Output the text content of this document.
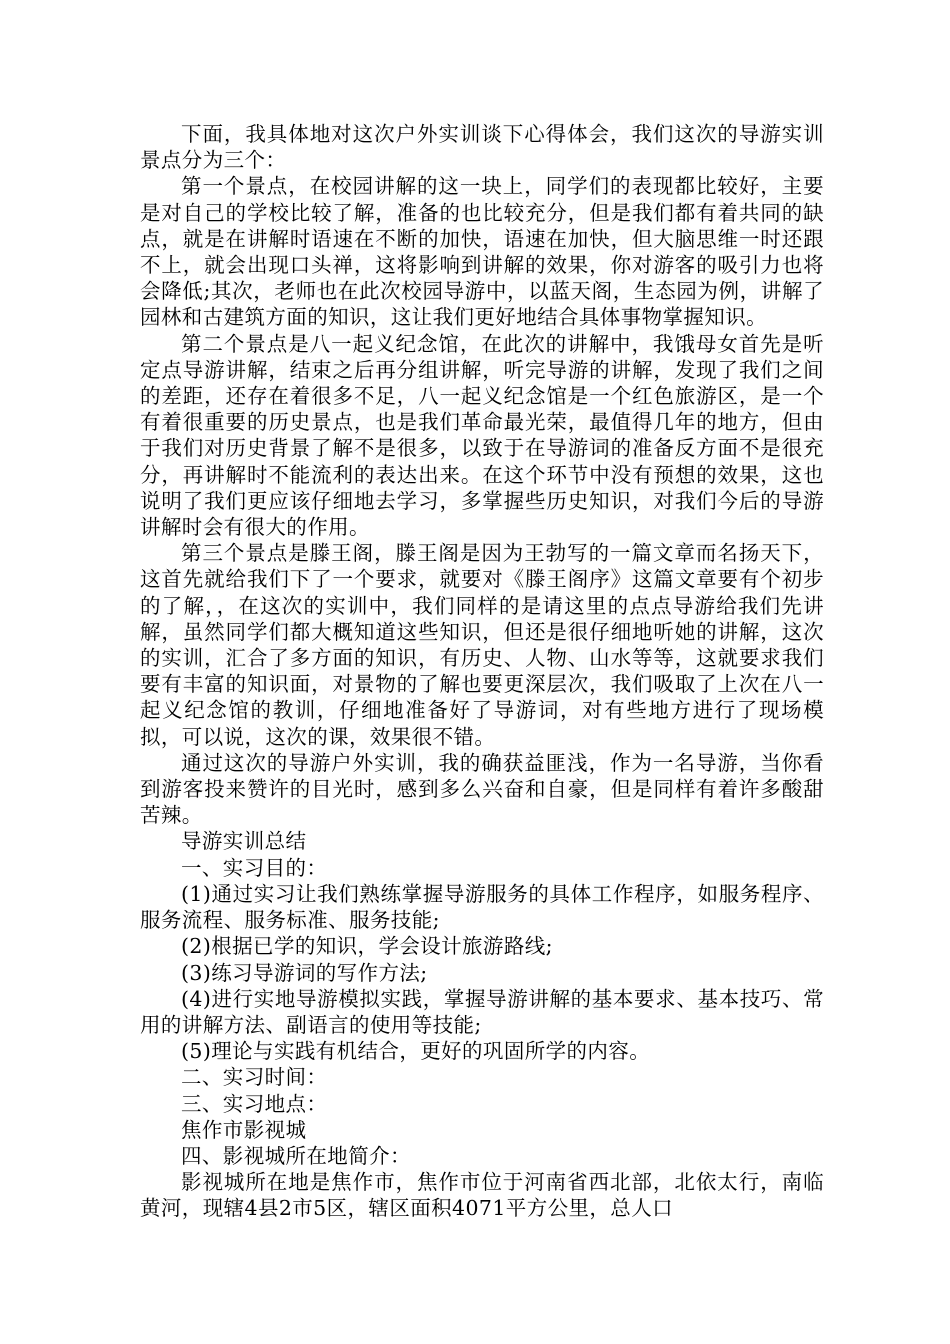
下面，我具体地对这次户外实训谈下心得体会，我们这次的导游实训景点分为三个：

第一个景点，在校园讲解的这一块上，同学们的表现都比较好，主要是对自己的学校比较了解，准备的也比较充分，但是我们都有着共同的缺点，就是在讲解时语速在不断的加快，语速在加快，但大脑思维一时还跟不上，就会出现口头禅，这将影响到讲解的效果，你对游客的吸引力也将会降低;其次，老师也在此次校园导游中，以蓝天阁，生态园为例，讲解了园林和古建筑方面的知识，这让我们更好地结合具体事物掌握知识。

第二个景点是八一起义纪念馆，在此次的讲解中，我饿母女首先是听定点导游讲解，结束之后再分组讲解，听完导游的讲解，发现了我们之间的差距，还存在着很多不足，八一起义纪念馆是一个红色旅游区，是一个有着很重要的历史景点，也是我们革命最光荣，最值得几年的地方，但由于我们对历史背景了解不是很多，以致于在导游词的准备反方面不是很充分，再讲解时不能流利的表达出来。在这个环节中没有预想的效果，这也说明了我们更应该仔细地去学习，多掌握些历史知识，对我们今后的导游讲解时会有很大的作用。

第三个景点是滕王阁，滕王阁是因为王勃写的一篇文章而名扬天下，这首先就给我们下了一个要求，就要对《滕王阁序》这篇文章要有个初步的了解，，在这次的实训中，我们同样的是请这里的点点导游给我们先讲解，虽然同学们都大概知道这些知识，但还是很仔细地听她的讲解，这次的实训，汇合了多方面的知识，有历史、人物、山水等等，这就要求我们要有丰富的知识面，对景物的了解也要更深层次，我们吸取了上次在八一起义纪念馆的教训，仔细地准备好了导游词，对有些地方进行了现场模拟，可以说，这次的课，效果很不错。

通过这次的导游户外实训，我的确获益匪浅，作为一名导游，当你看到游客投来赞许的目光时，感到多么兴奋和自豪，但是同样有着许多酸甜苦辣。

导游实训总结

一、实习目的：

(1)通过实习让我们熟练掌握导游服务的具体工作程序，如服务程序、服务流程、服务标准、服务技能;

(2)根据已学的知识，学会设计旅游路线;

(3)练习导游词的写作方法;

(4)进行实地导游模拟实践，掌握导游讲解的基本要求、基本技巧、常用的讲解方法、副语言的使用等技能;

(5)理论与实践有机结合，更好的巩固所学的内容。

二、实习时间：

三、实习地点：

焦作市影视城

四、影视城所在地简介：

影视城所在地是焦作市，焦作市位于河南省西北部，北依太行，南临黄河，现辖4县2市5区，辖区面积4071平方公里，总人口
